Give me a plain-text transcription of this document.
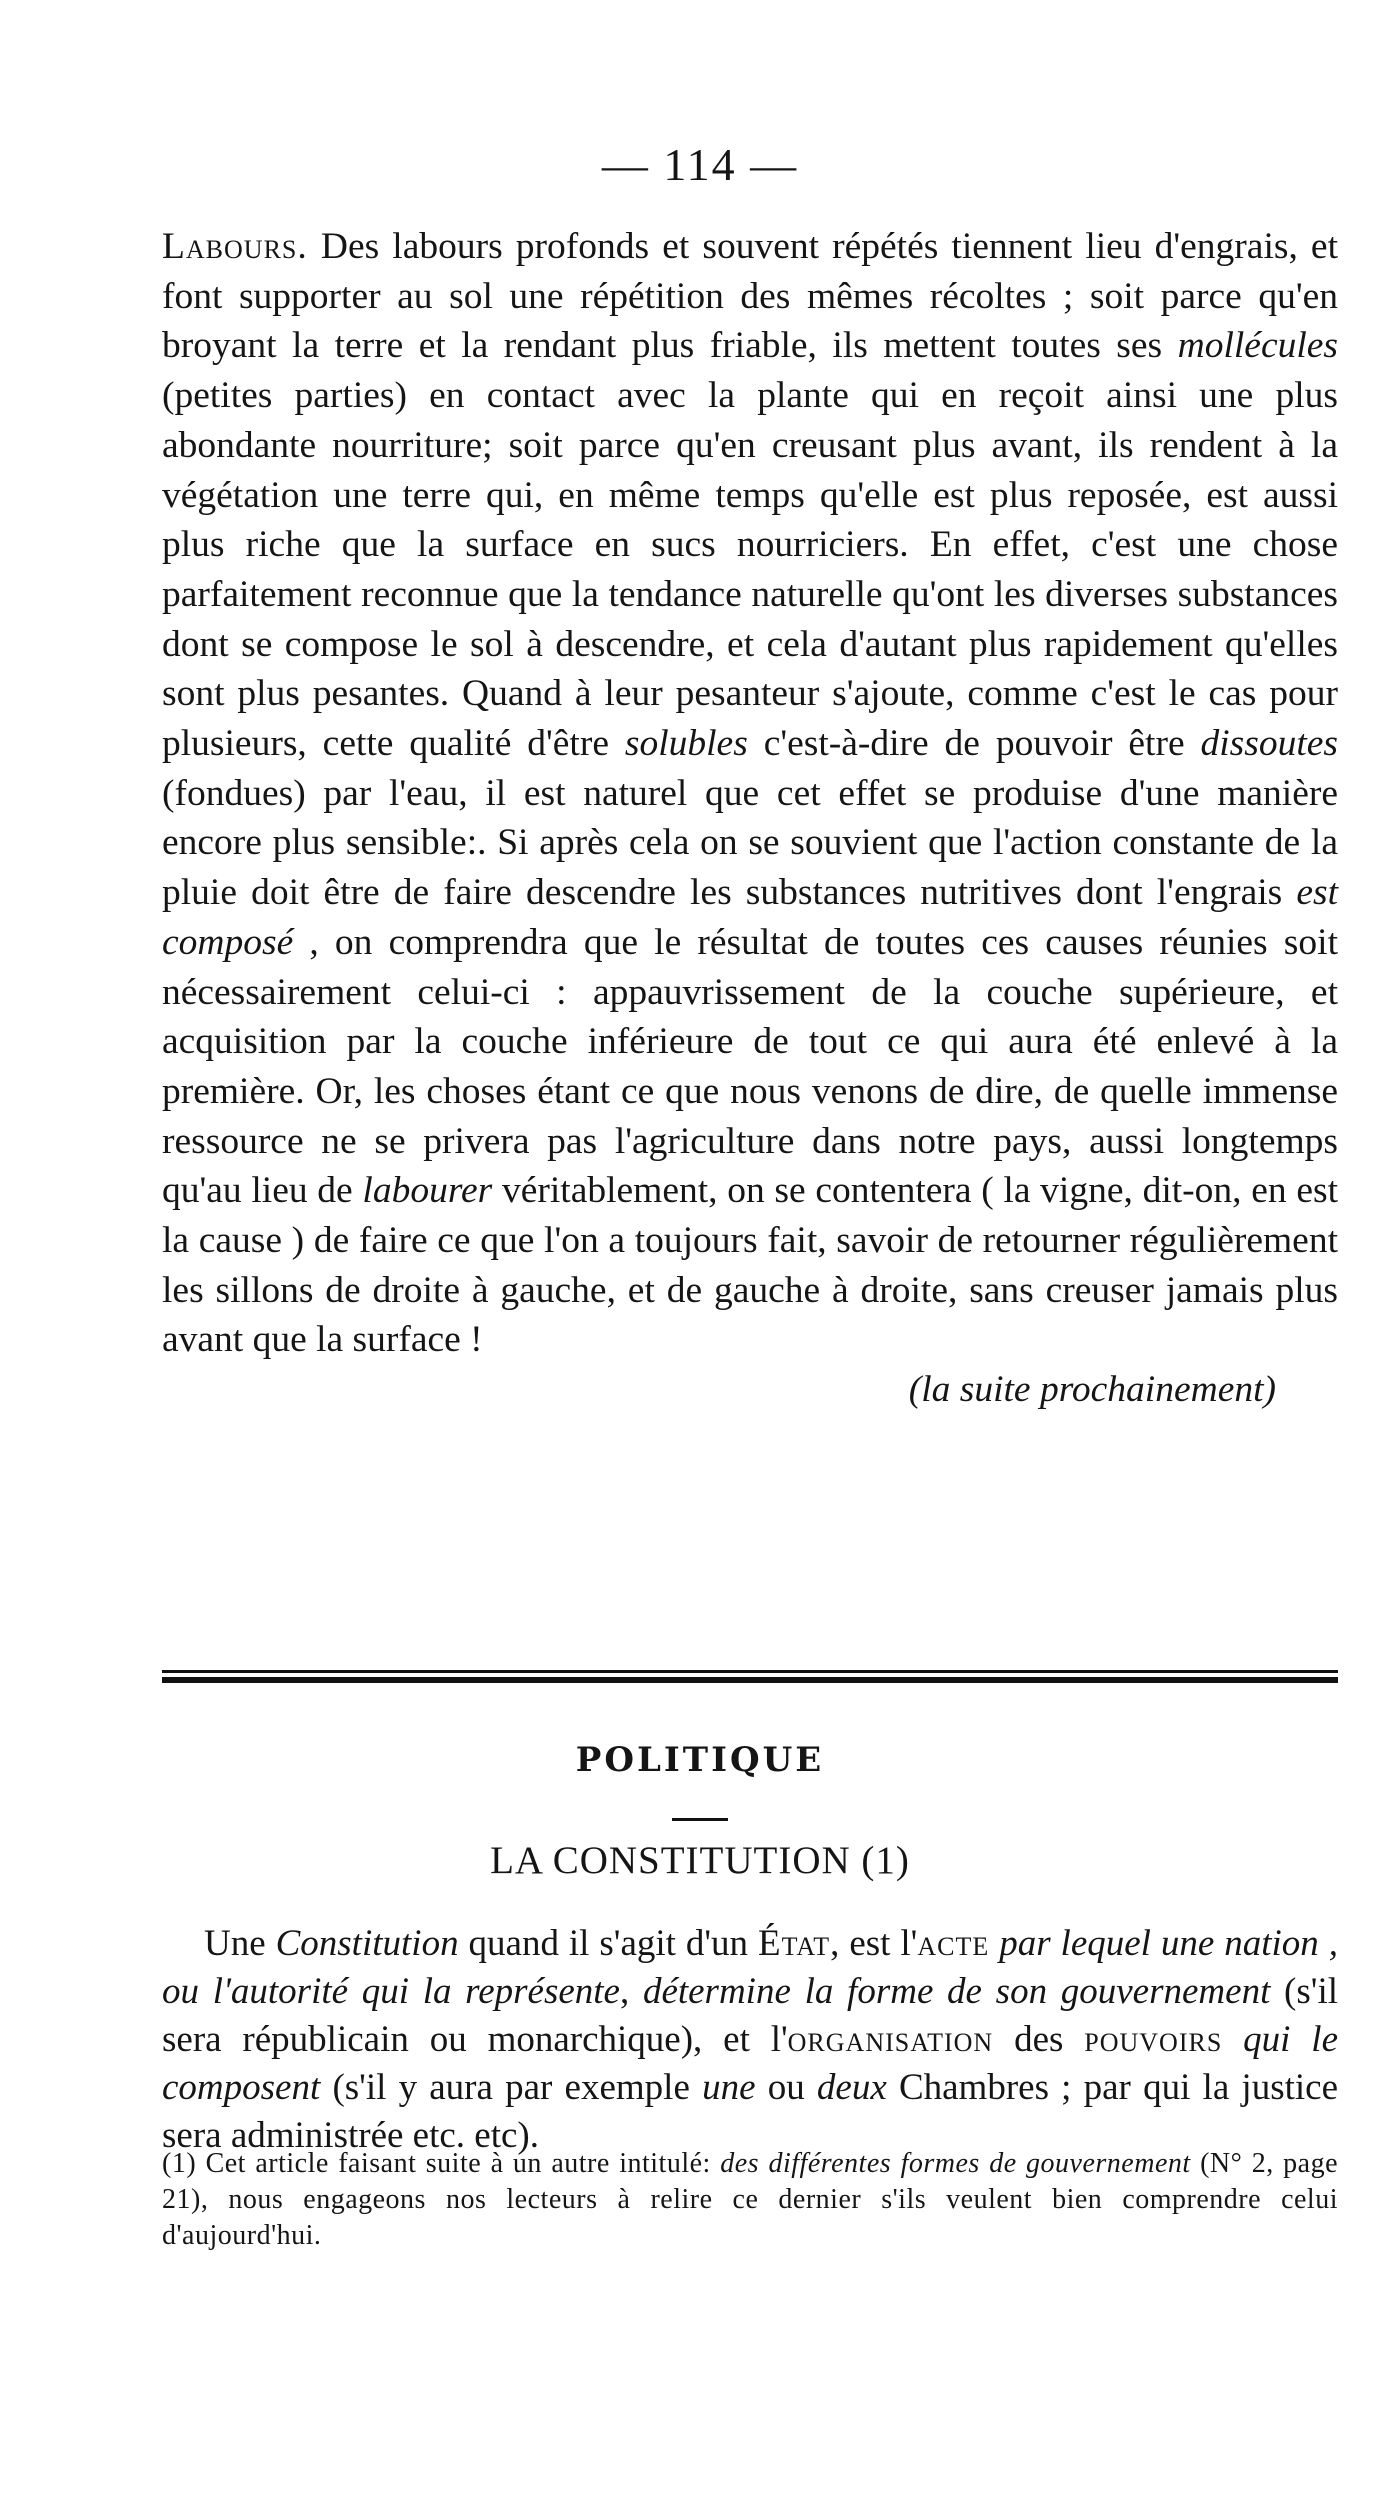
— 114 —
Labours. Des labours profonds et souvent répétés tiennent lieu d'engrais, et font supporter au sol une répétition des mêmes récoltes ; soit parce qu'en broyant la terre et la rendant plus friable, ils mettent toutes ses mollécules (petites parties) en contact avec la plante qui en reçoit ainsi une plus abondante nourriture; soit parce qu'en creusant plus avant, ils rendent à la végétation une terre qui, en même temps qu'elle est plus reposée, est aussi plus riche que la surface en sucs nourriciers. En effet, c'est une chose parfaitement reconnue que la tendance naturelle qu'ont les diverses substances dont se compose le sol à descendre, et cela d'autant plus rapidement qu'elles sont plus pesantes. Quand à leur pesanteur s'ajoute, comme c'est le cas pour plusieurs, cette qualité d'être solubles c'est-à-dire de pouvoir être dissoutes (fondues) par l'eau, il est naturel que cet effet se produise d'une manière encore plus sensible:. Si après cela on se souvient que l'action constante de la pluie doit être de faire descendre les substances nutritives dont l'engrais est composé , on comprendra que le résultat de toutes ces causes réunies soit nécessairement celui-ci : appauvrissement de la couche supérieure, et acquisition par la couche inférieure de tout ce qui aura été enlevé à la première. Or, les choses étant ce que nous venons de dire, de quelle immense ressource ne se privera pas l'agriculture dans notre pays, aussi longtemps qu'au lieu de labourer véritablement, on se contentera ( la vigne, dit-on, en est la cause ) de faire ce que l'on a toujours fait, savoir de retourner régulièrement les sillons de droite à gauche, et de gauche à droite, sans creuser jamais plus avant que la surface !
(la suite prochainement)
POLITIQUE
LA CONSTITUTION (1)
Une Constitution quand il s'agit d'un État, est l'acte par lequel une nation , ou l'autorité qui la représente, détermine la forme de son gouvernement (s'il sera républicain ou monarchique), et l'organisation des pouvoirs qui le composent (s'il y aura par exemple une ou deux Chambres ; par qui la justice sera administrée etc. etc).
(1) Cet article faisant suite à un autre intitulé: des différentes formes de gouvernement (N° 2, page 21), nous engageons nos lecteurs à relire ce dernier s'ils veulent bien comprendre celui d'aujourd'hui.
